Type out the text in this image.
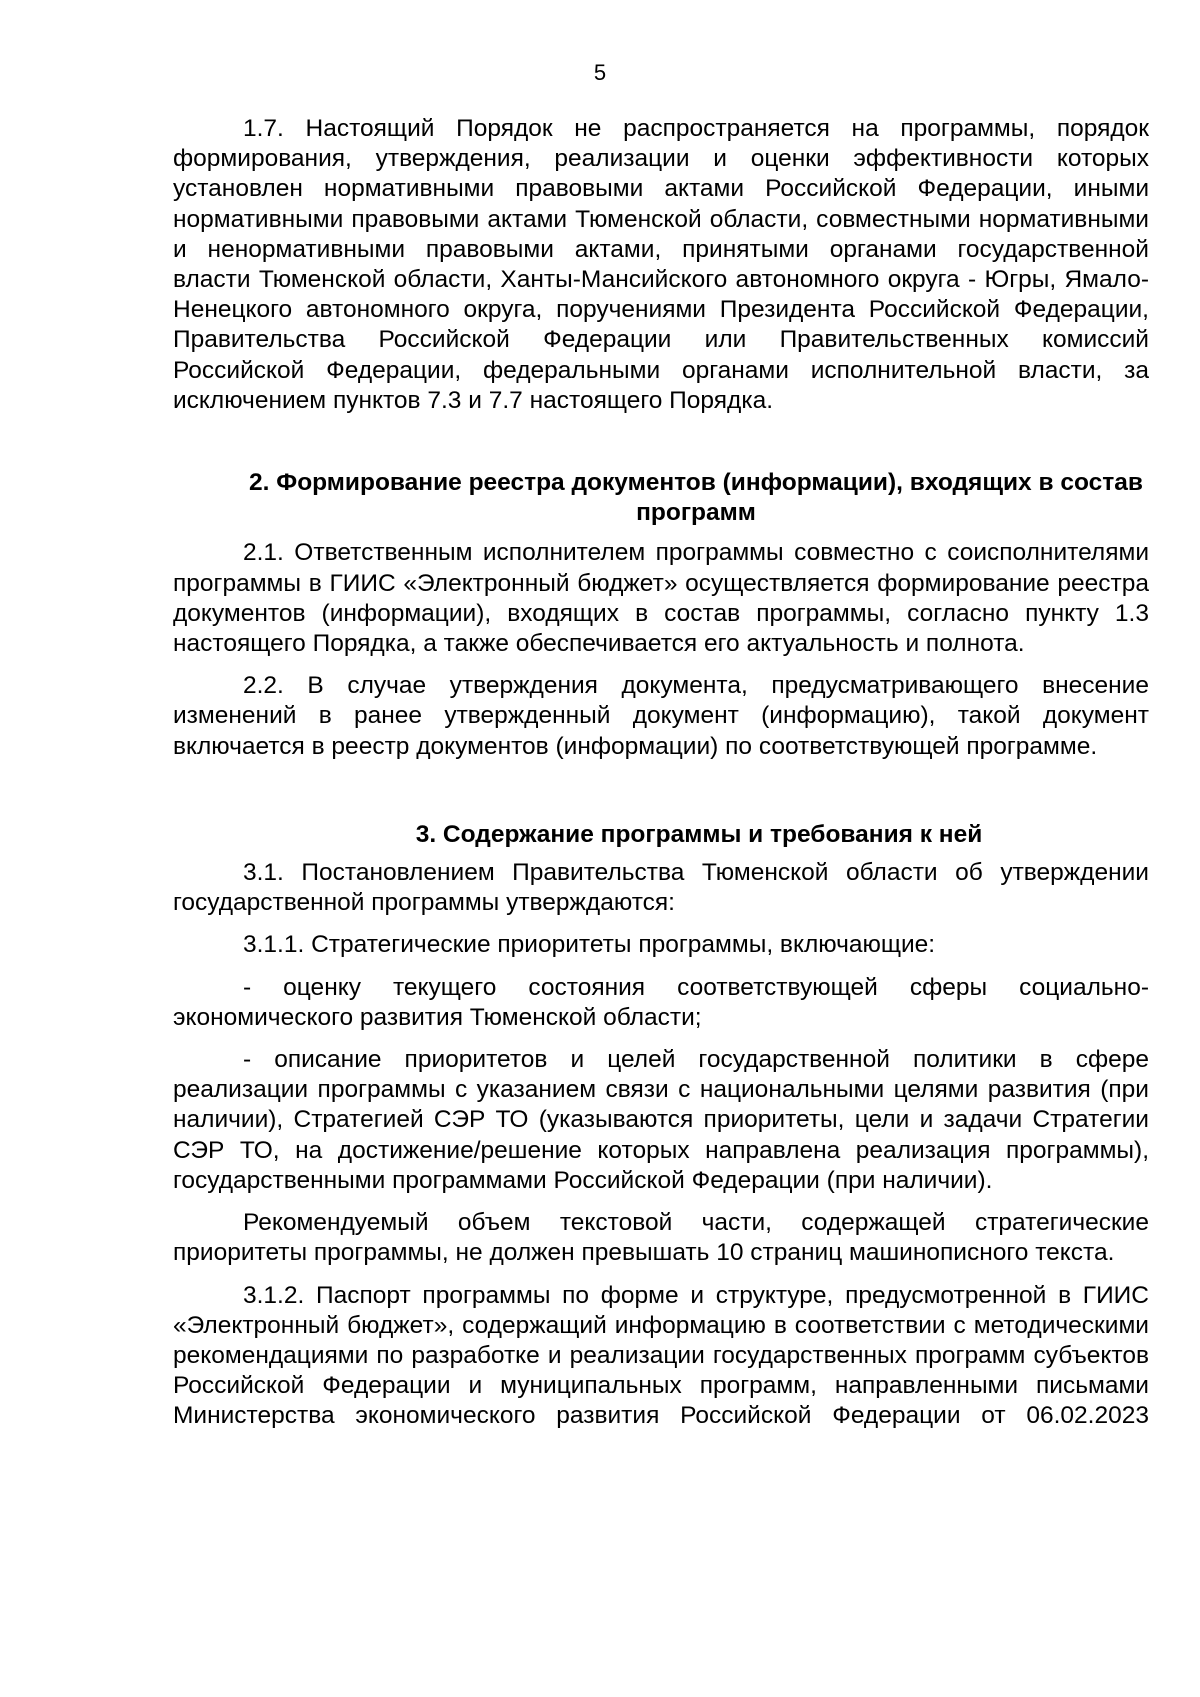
5

1.7. Настоящий Порядок не распространяется на программы, порядок формирования, утверждения, реализации и оценки эффективности которых установлен нормативными правовыми актами Российской Федерации, иными нормативными правовыми актами Тюменской области, совместными нормативными и ненормативными правовыми актами, принятыми органами государственной власти Тюменской области, Ханты-Мансийского автономного округа - Югры, Ямало-Ненецкого автономного округа, поручениями Президента Российской Федерации, Правительства Российской Федерации или Правительственных комиссий Российской Федерации, федеральными органами исполнительной власти, за исключением пунктов 7.3 и 7.7 настоящего Порядка.

2. Формирование реестра документов (информации), входящих в состав программ

2.1. Ответственным исполнителем программы совместно с соисполнителями программы в ГИИС «Электронный бюджет» осуществляется формирование реестра документов (информации), входящих в состав программы, согласно пункту 1.3 настоящего Порядка, а также обеспечивается его актуальность и полнота.

2.2. В случае утверждения документа, предусматривающего внесение изменений в ранее утвержденный документ (информацию), такой документ включается в реестр документов (информации) по соответствующей программе.

3. Содержание программы и требования к ней

3.1. Постановлением Правительства Тюменской области об утверждении государственной программы утверждаются:

3.1.1. Стратегические приоритеты программы, включающие:

- оценку текущего состояния соответствующей сферы социально-экономического развития Тюменской области;

- описание приоритетов и целей государственной политики в сфере реализации программы с указанием связи с национальными целями развития (при наличии), Стратегией СЭР ТО (указываются приоритеты, цели и задачи Стратегии СЭР ТО, на достижение/решение которых направлена реализация программы), государственными программами Российской Федерации (при наличии).

Рекомендуемый объем текстовой части, содержащей стратегические приоритеты программы, не должен превышать 10 страниц машинописного текста.

3.1.2. Паспорт программы по форме и структуре, предусмотренной в ГИИС «Электронный бюджет», содержащий информацию в соответствии с методическими рекомендациями по разработке и реализации государственных программ субъектов Российской Федерации и муниципальных программ, направленными письмами Министерства экономического развития Российской Федерации от 06.02.2023
